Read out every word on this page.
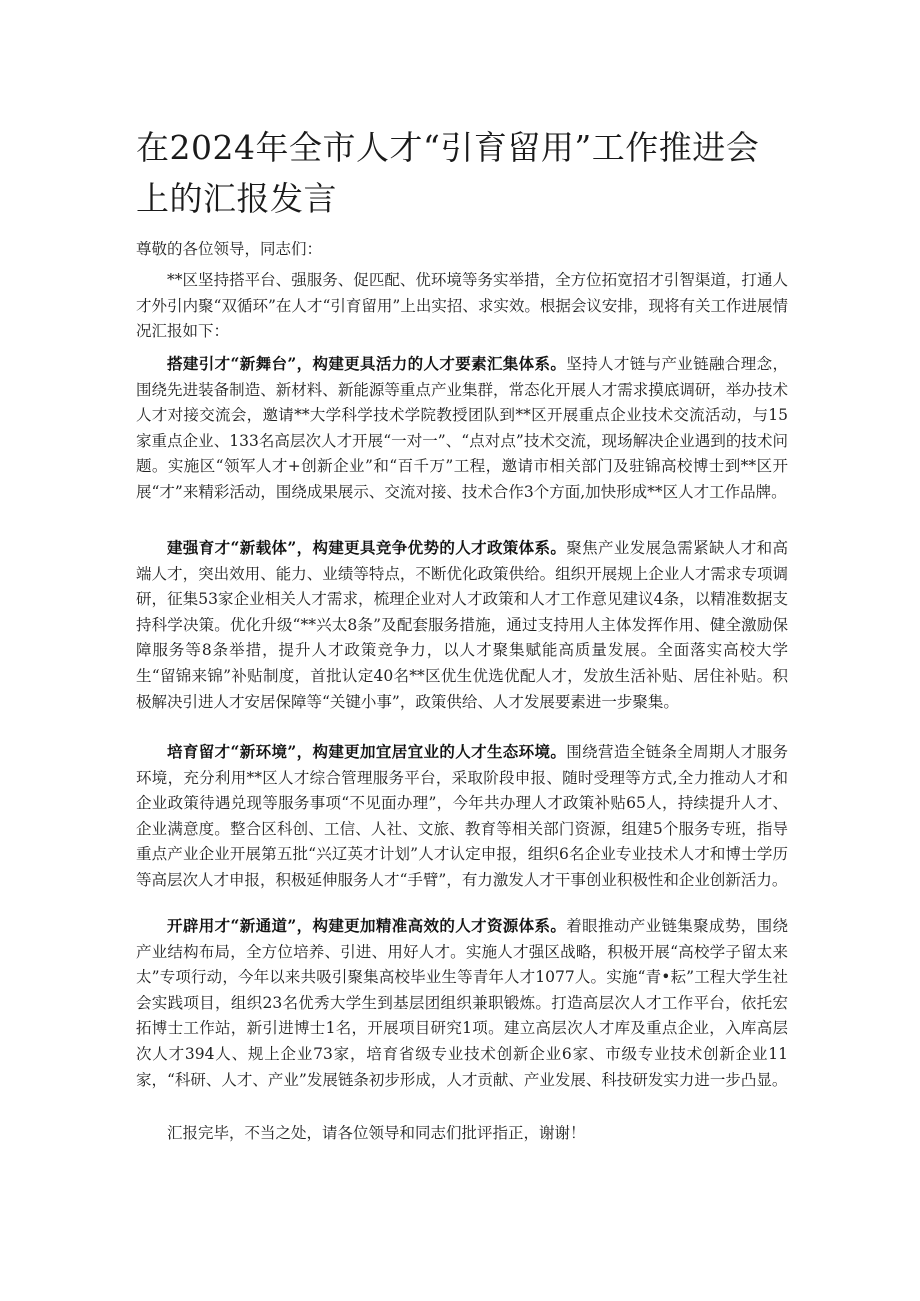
在2024年全市人才“引育留用”工作推进会上的汇报发言

尊敬的各位领导，同志们：

**区坚持搭平台、强服务、促匹配、优环境等务实举措，全方位拓宽招才引智渠道，打通人才外引内聚“双循环”在人才“引育留用”上出实招、求实效。根据会议安排，现将有关工作进展情况汇报如下：

搭建引才“新舞台”，构建更具活力的人才要素汇集体系。坚持人才链与产业链融合理念，围绕先进装备制造、新材料、新能源等重点产业集群，常态化开展人才需求摸底调研，举办技术人才对接交流会，邀请**大学科学技术学院教授团队到**区开展重点企业技术交流活动，与15家重点企业、133名高层次人才开展“一对一”、“点对点”技术交流，现场解决企业遇到的技术问题。实施区“领军人才+创新企业”和“百千万”工程，邀请市相关部门及驻锦高校博士到**区开展“才”来精彩活动，围绕成果展示、交流对接、技术合作3个方面,加快形成**区人才工作品牌。

建强育才“新载体”，构建更具竞争优势的人才政策体系。聚焦产业发展急需紧缺人才和高端人才，突出效用、能力、业绩等特点，不断优化政策供给。组织开展规上企业人才需求专项调研，征集53家企业相关人才需求，梳理企业对人才政策和人才工作意见建议4条，以精准数据支持科学决策。优化升级“**兴太8条”及配套服务措施，通过支持用人主体发挥作用、健全激励保障服务等8条举措，提升人才政策竞争力，以人才聚集赋能高质量发展。全面落实高校大学生“留锦来锦”补贴制度，首批认定40名**区优生优选优配人才，发放生活补贴、居住补贴。积极解决引进人才安居保障等“关键小事”，政策供给、人才发展要素进一步聚集。

培育留才“新环境”，构建更加宜居宜业的人才生态环境。围绕营造全链条全周期人才服务环境，充分利用**区人才综合管理服务平台，采取阶段申报、随时受理等方式,全力推动人才和企业政策待遇兑现等服务事项“不见面办理”，今年共办理人才政策补贴65人，持续提升人才、企业满意度。整合区科创、工信、人社、文旅、教育等相关部门资源，组建5个服务专班，指导重点产业企业开展第五批“兴辽英才计划”人才认定申报，组织6名企业专业技术人才和博士学历等高层次人才申报，积极延伸服务人才“手臂”，有力激发人才干事创业积极性和企业创新活力。

开辟用才“新通道”，构建更加精准高效的人才资源体系。着眼推动产业链集聚成势，围绕产业结构布局，全方位培养、引进、用好人才。实施人才强区战略，积极开展“高校学子留太来太”专项行动，今年以来共吸引聚集高校毕业生等青年人才1077人。实施“青•耘”工程大学生社会实践项目，组织23名优秀大学生到基层团组织兼职锻炼。打造高层次人才工作平台，依托宏拓博士工作站，新引进博士1名，开展项目研究1项。建立高层次人才库及重点企业，入库高层次人才394人、规上企业73家，培育省级专业技术创新企业6家、市级专业技术创新企业11家，“科研、人才、产业”发展链条初步形成，人才贡献、产业发展、科技研发实力进一步凸显。

汇报完毕，不当之处，请各位领导和同志们批评指正，谢谢！
